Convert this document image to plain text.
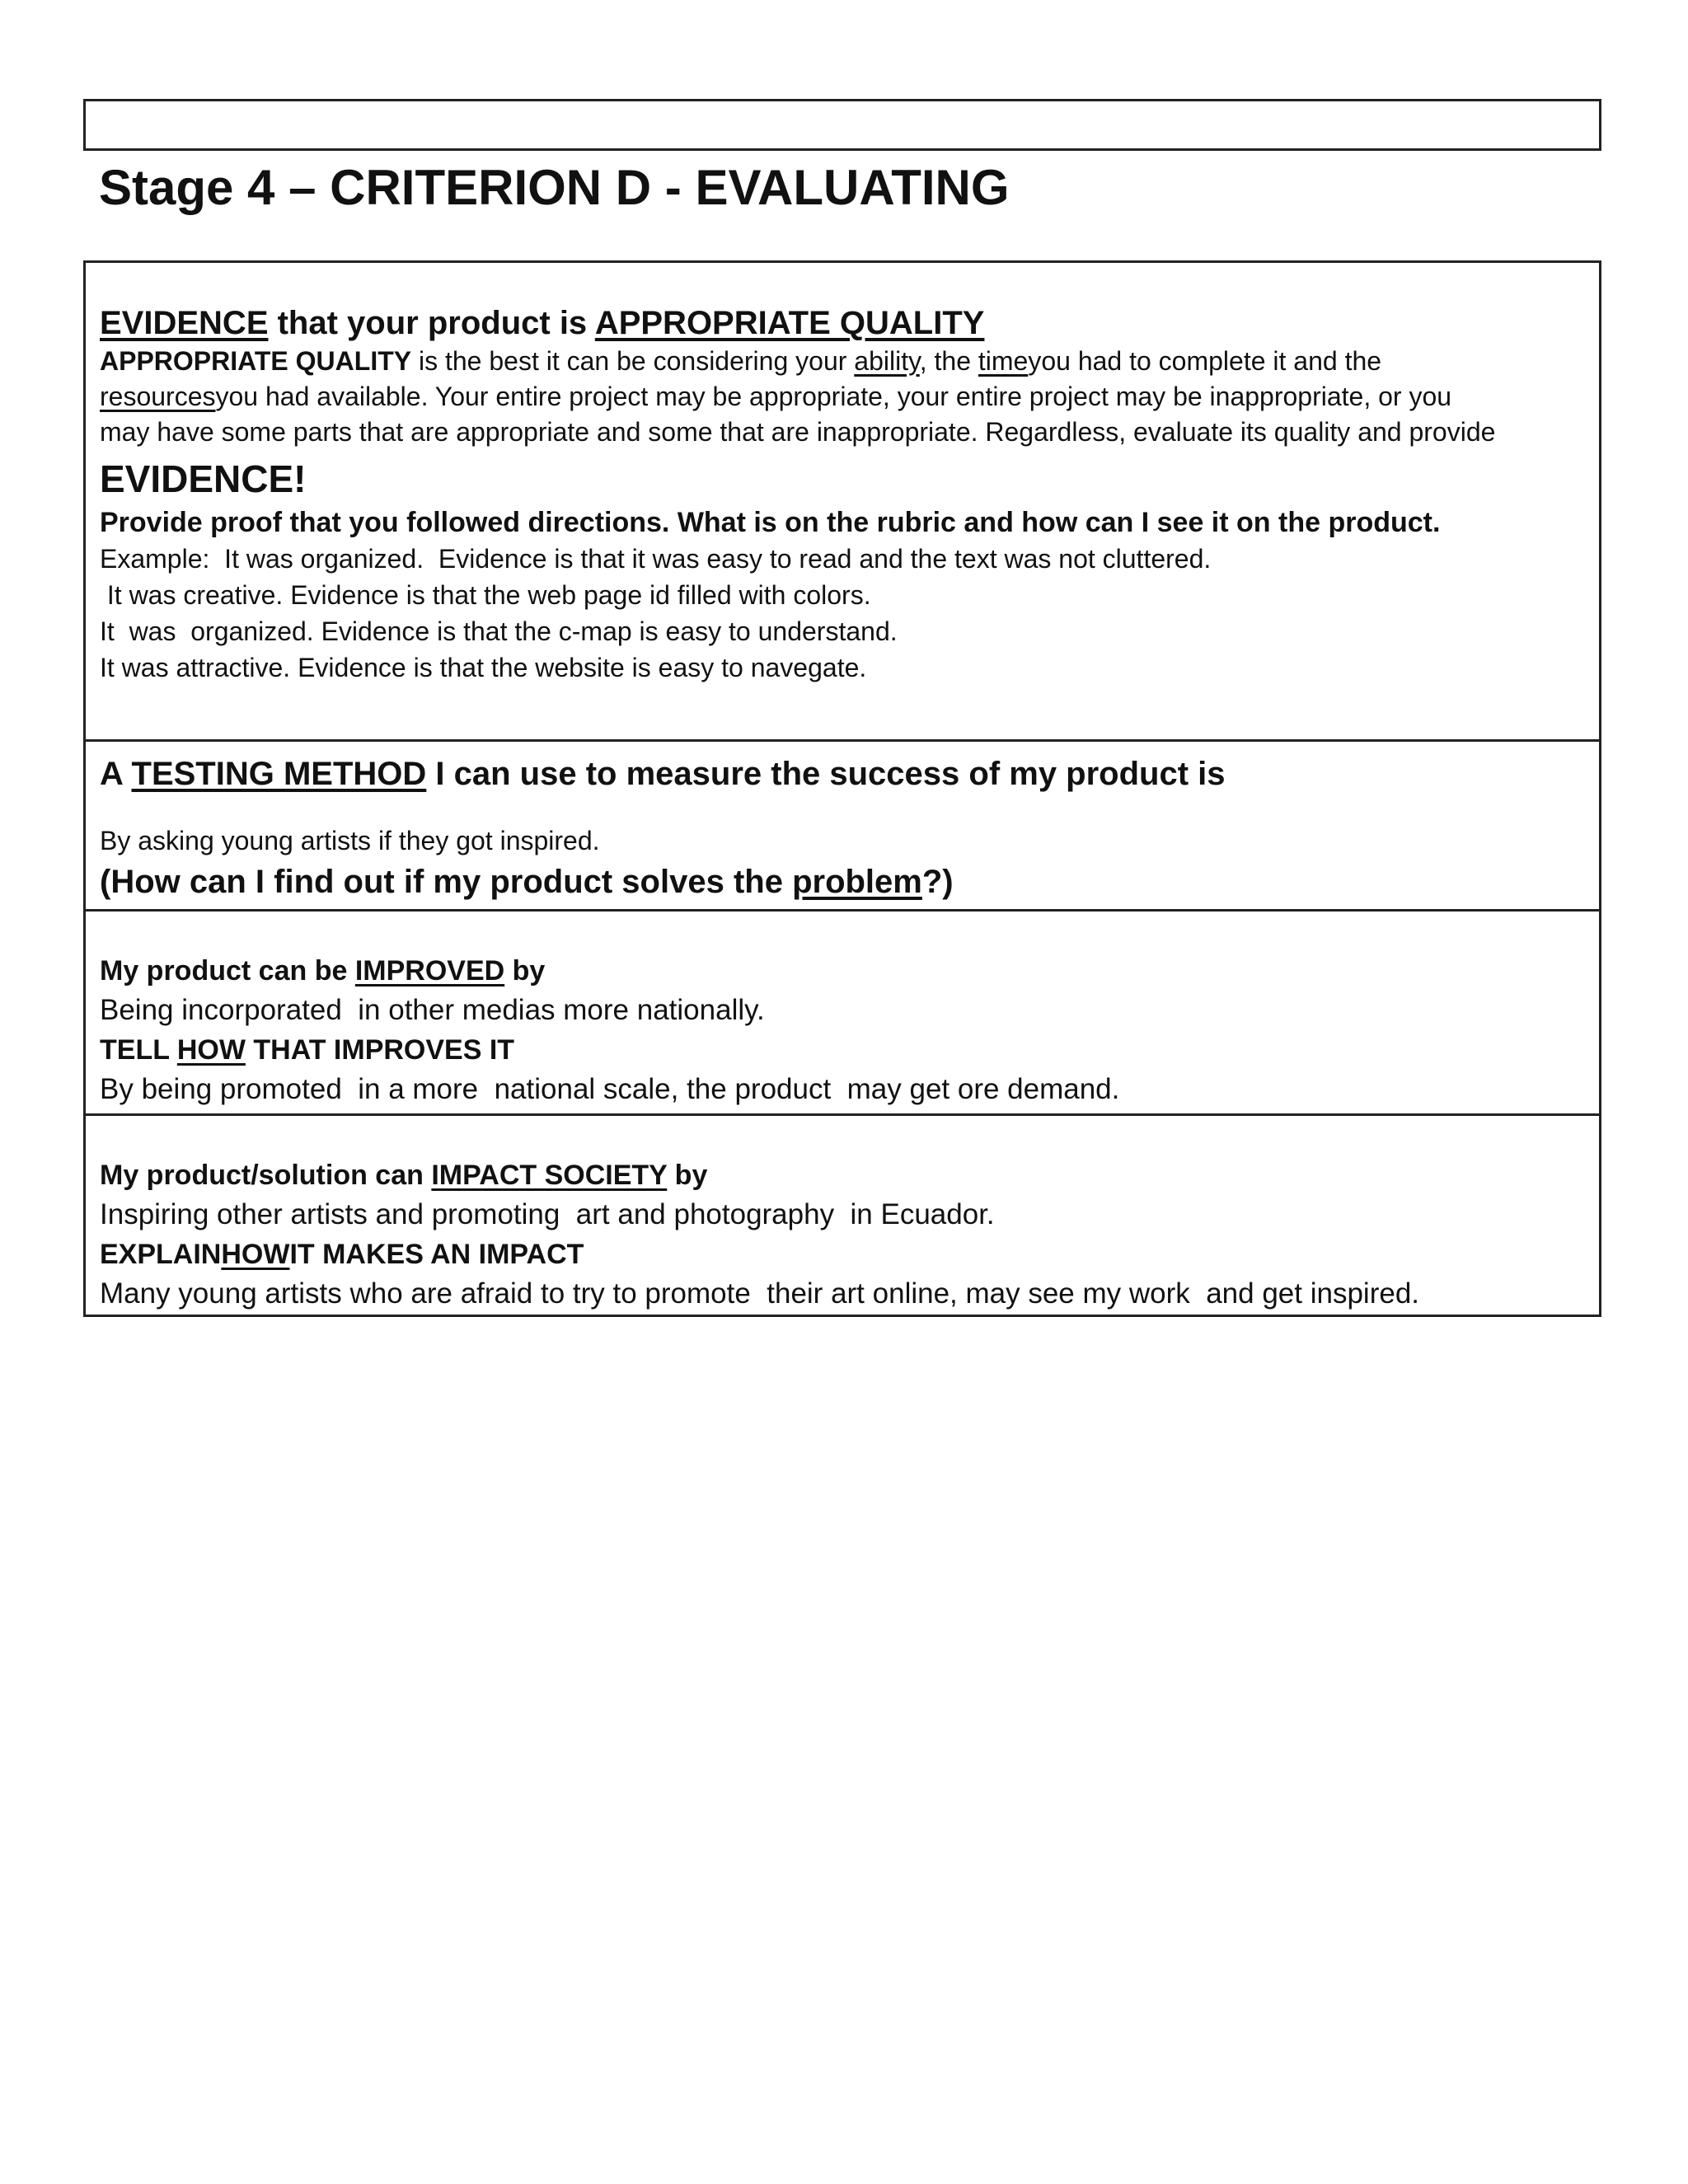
Stage 4 – CRITERION D - EVALUATING

EVIDENCE that your product is APPROPRIATE QUALITY

APPROPRIATE QUALITY is the best it can be considering your ability, the timeyou had to complete it and the

resourcesyou had available. Your entire project may be appropriate, your entire project may be inappropriate, or you

may have some parts that are appropriate and some that are inappropriate. Regardless, evaluate its quality and provide

EVIDENCE!

Provide proof that you followed directions. What is on the rubric and how can I see it on the product.

Example:  It was organized.  Evidence is that it was easy to read and the text was not cluttered.

It was creative. Evidence is that the web page id filled with colors.

It  was  organized. Evidence is that the c-map is easy to understand.

It was attractive. Evidence is that the website is easy to navegate.

A TESTING METHOD I can use to measure the success of my product is

By asking young artists if they got inspired.

(How can I find out if my product solves the problem?)

My product can be IMPROVED by

Being incorporated  in other medias more nationally.

TELL HOW THAT IMPROVES IT

By being promoted  in a more  national scale, the product  may get ore demand.

My product/solution can IMPACT SOCIETY by

Inspiring other artists and promoting  art and photography  in Ecuador.

EXPLAINHOWIT MAKES AN IMPACT

Many young artists who are afraid to try to promote  their art online, may see my work  and get inspired.
